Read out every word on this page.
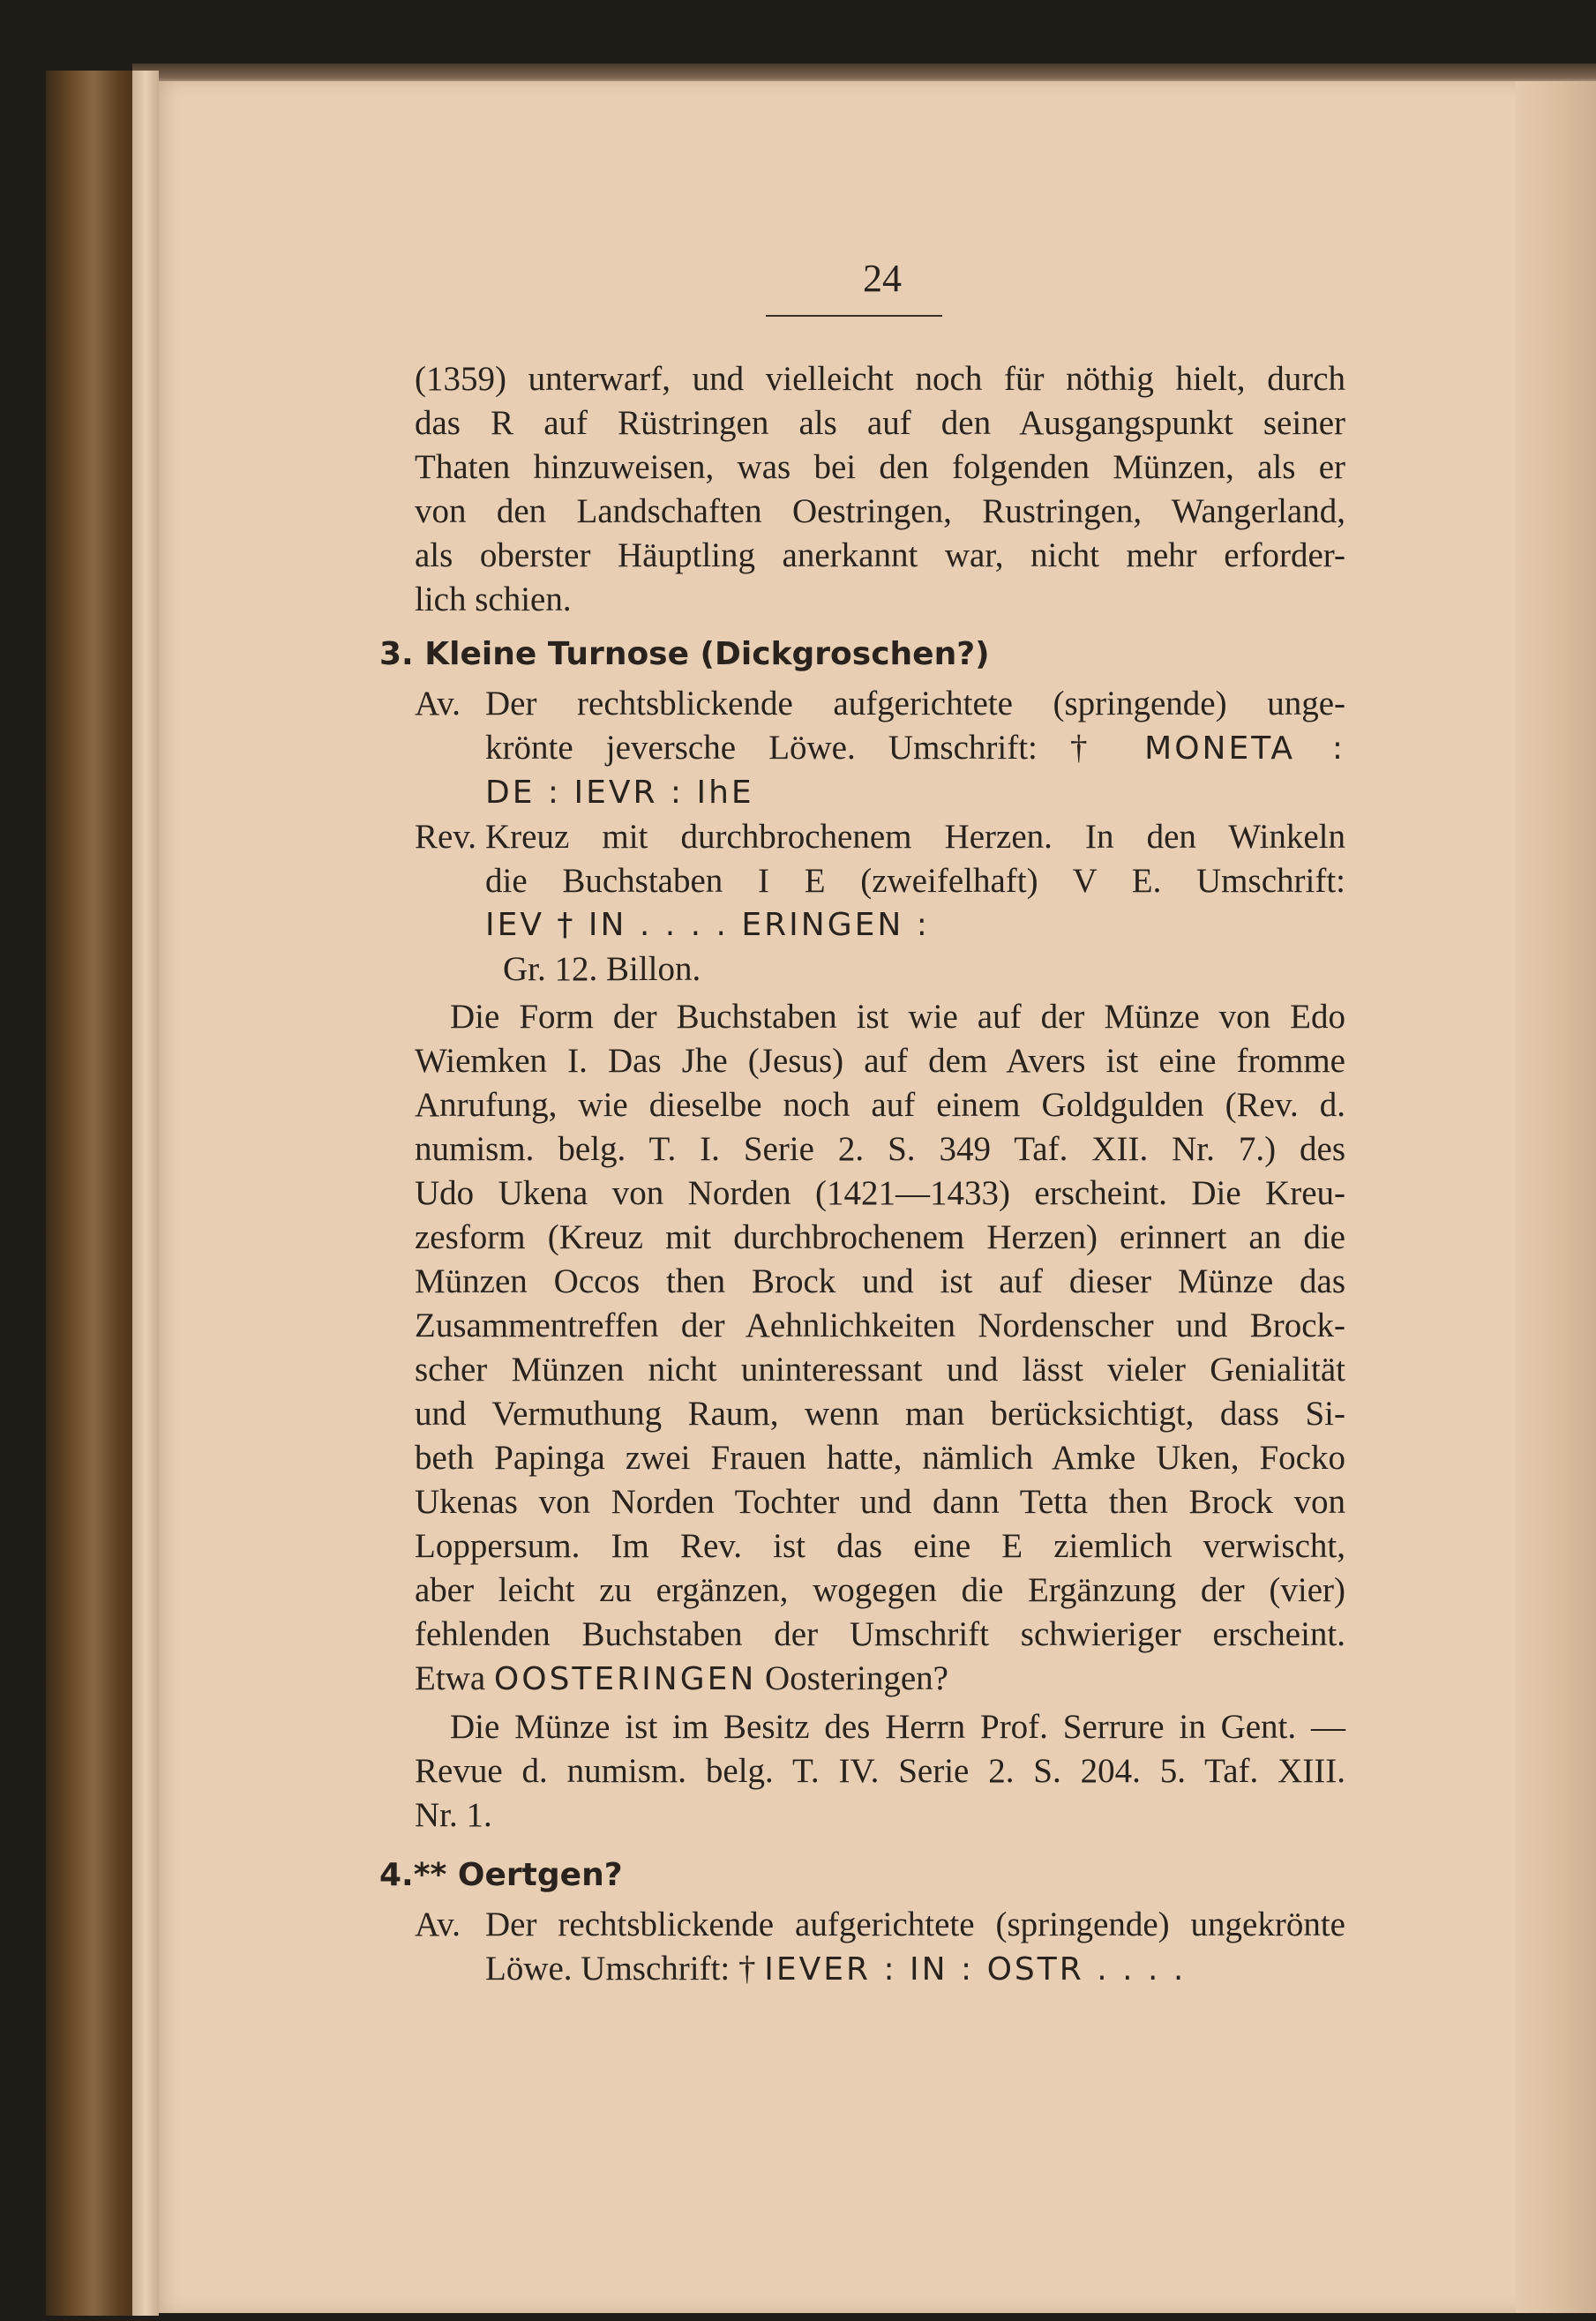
24
(1359) unterwarf, und vielleicht noch für nöthig hielt, durch
das R auf Rüstringen als auf den Ausgangspunkt seiner
Thaten hinzuweisen, was bei den folgenden Münzen, als er
von den Landschaften Oestringen, Rustringen, Wangerland,
als oberster Häuptling anerkannt war, nicht mehr erforder-
lich schien.
3. Kleine Turnose (Dickgroschen?)
Av. Der rechtsblickende aufgerichtete (springende) unge-
krönte jeversche Löwe. Umschrift: † MONETA :
DE : IEVR : IhE
Rev. Kreuz mit durchbrochenem Herzen. In den Winkeln
die Buchstaben I E (zweifelhaft) V E. Umschrift:
IEV † IN . . . . ERINGEN :
Gr. 12. Billon.
Die Form der Buchstaben ist wie auf der Münze von Edo
Wiemken I. Das Jhe (Jesus) auf dem Avers ist eine fromme
Anrufung, wie dieselbe noch auf einem Goldgulden (Rev. d.
numism. belg. T. I. Serie 2. S. 349 Taf. XII. Nr. 7.) des
Udo Ukena von Norden (1421—1433) erscheint. Die Kreu-
zesform (Kreuz mit durchbrochenem Herzen) erinnert an die
Münzen Occos then Brock und ist auf dieser Münze das
Zusammentreffen der Aehnlichkeiten Nordenscher und Brock-
scher Münzen nicht uninteressant und lässt vieler Genialität
und Vermuthung Raum, wenn man berücksichtigt, dass Si-
beth Papinga zwei Frauen hatte, nämlich Amke Uken, Focko
Ukenas von Norden Tochter und dann Tetta then Brock von
Loppersum. Im Rev. ist das eine E ziemlich verwischt,
aber leicht zu ergänzen, wogegen die Ergänzung der (vier)
fehlenden Buchstaben der Umschrift schwieriger erscheint.
Etwa OOSTERINGEN Oosteringen?
Die Münze ist im Besitz des Herrn Prof. Serrure in Gent. —
Revue d. numism. belg. T. IV. Serie 2. S. 204. 5. Taf. XIII.
Nr. 1.
4.** Oertgen?
Av. Der rechtsblickende aufgerichtete (springende) ungekrönte
Löwe. Umschrift: † IEVER : IN : OSTR . . . .
